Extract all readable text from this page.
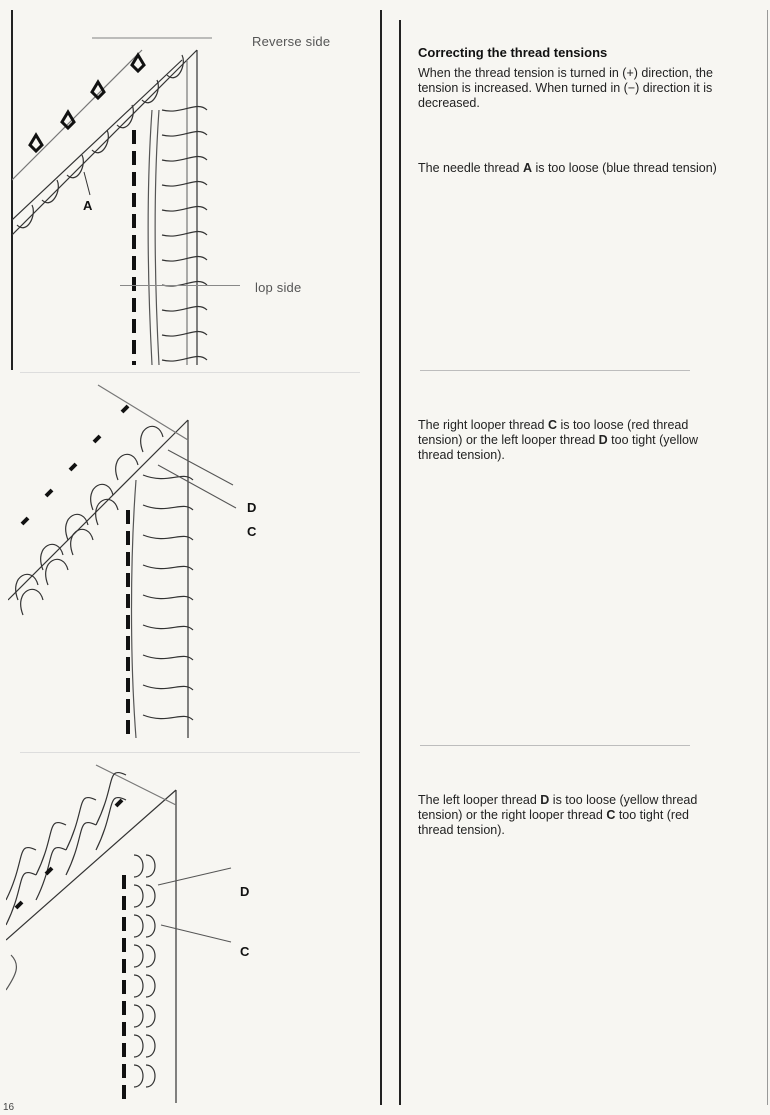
A
Reverse side
lop side
D
C
D
C
Correcting the thread tensions

When the thread tension is turned in (+) direction, the tension is increased. When turned in (−) direction it is decreased.

The needle thread A is too loose (blue thread tension)

The right looper thread C is too loose (red thread tension) or the left looper thread D too tight (yellow thread tension).

The left looper thread D is too loose (yellow thread tension) or the right looper thread C too tight (red thread tension).

16
